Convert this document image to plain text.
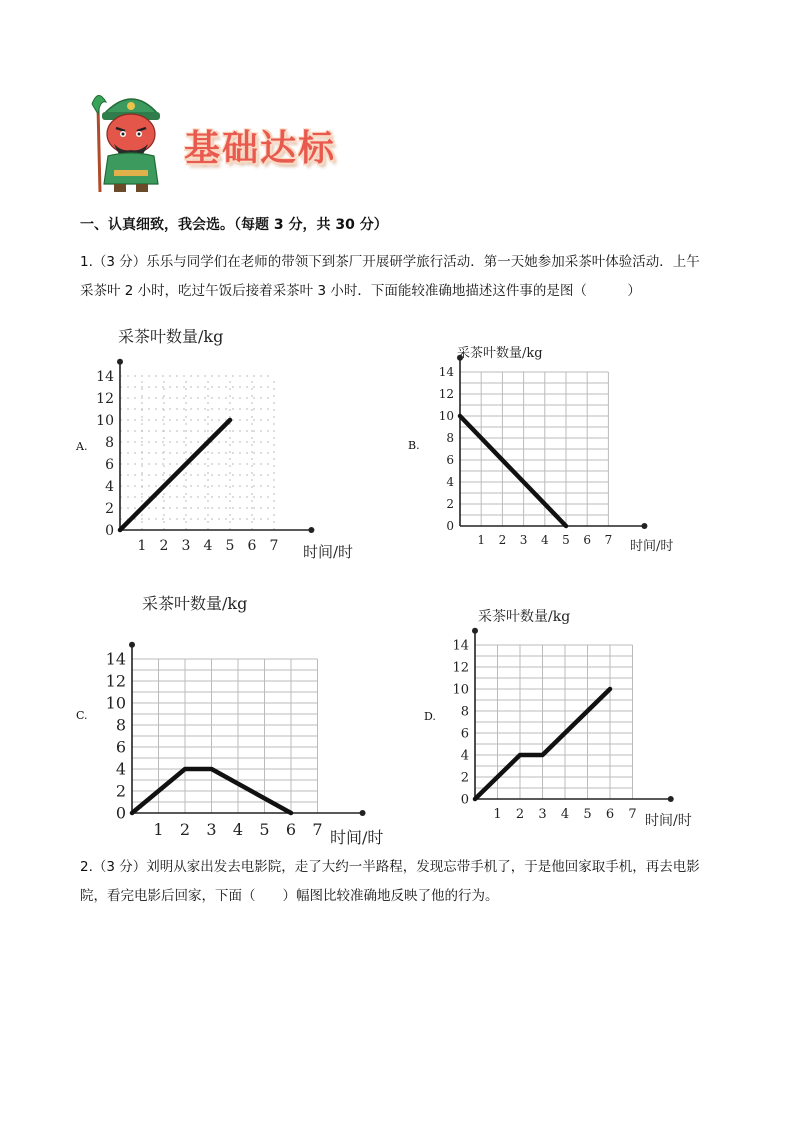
基础达标
一、认真细致，我会选。（每题 3 分，共 30 分）
1.（3 分）乐乐与同学们在老师的带领下到茶厂开展研学旅行活动．第一天她参加采茶叶体验活动．上午
采茶叶 2 小时，吃过午饭后接着采茶叶 3 小时．下面能较准确地描述这件事的是图（　　　）
A.
0
2
4
6
8
10
12
14
1 2 3 4 5 6 7
采茶叶数量/kg
时间/时
B.
0
2
4
6
8
10
12
14
1 2 3 4 5 6 7
采茶叶数量/kg
时间/时
C.
0
2
4
6
8
10
12
14
1 2 3 4 5 6 7
采茶叶数量/kg
时间/时
D.
0
2
4
6
8
10
12
14
1 2 3 4 5 6 7
采茶叶数量/kg
时间/时
2.（3 分）刘明从家出发去电影院，走了大约一半路程，发现忘带手机了，于是他回家取手机，再去电影
院，看完电影后回家，下面（　　）幅图比较准确地反映了他的行为。
